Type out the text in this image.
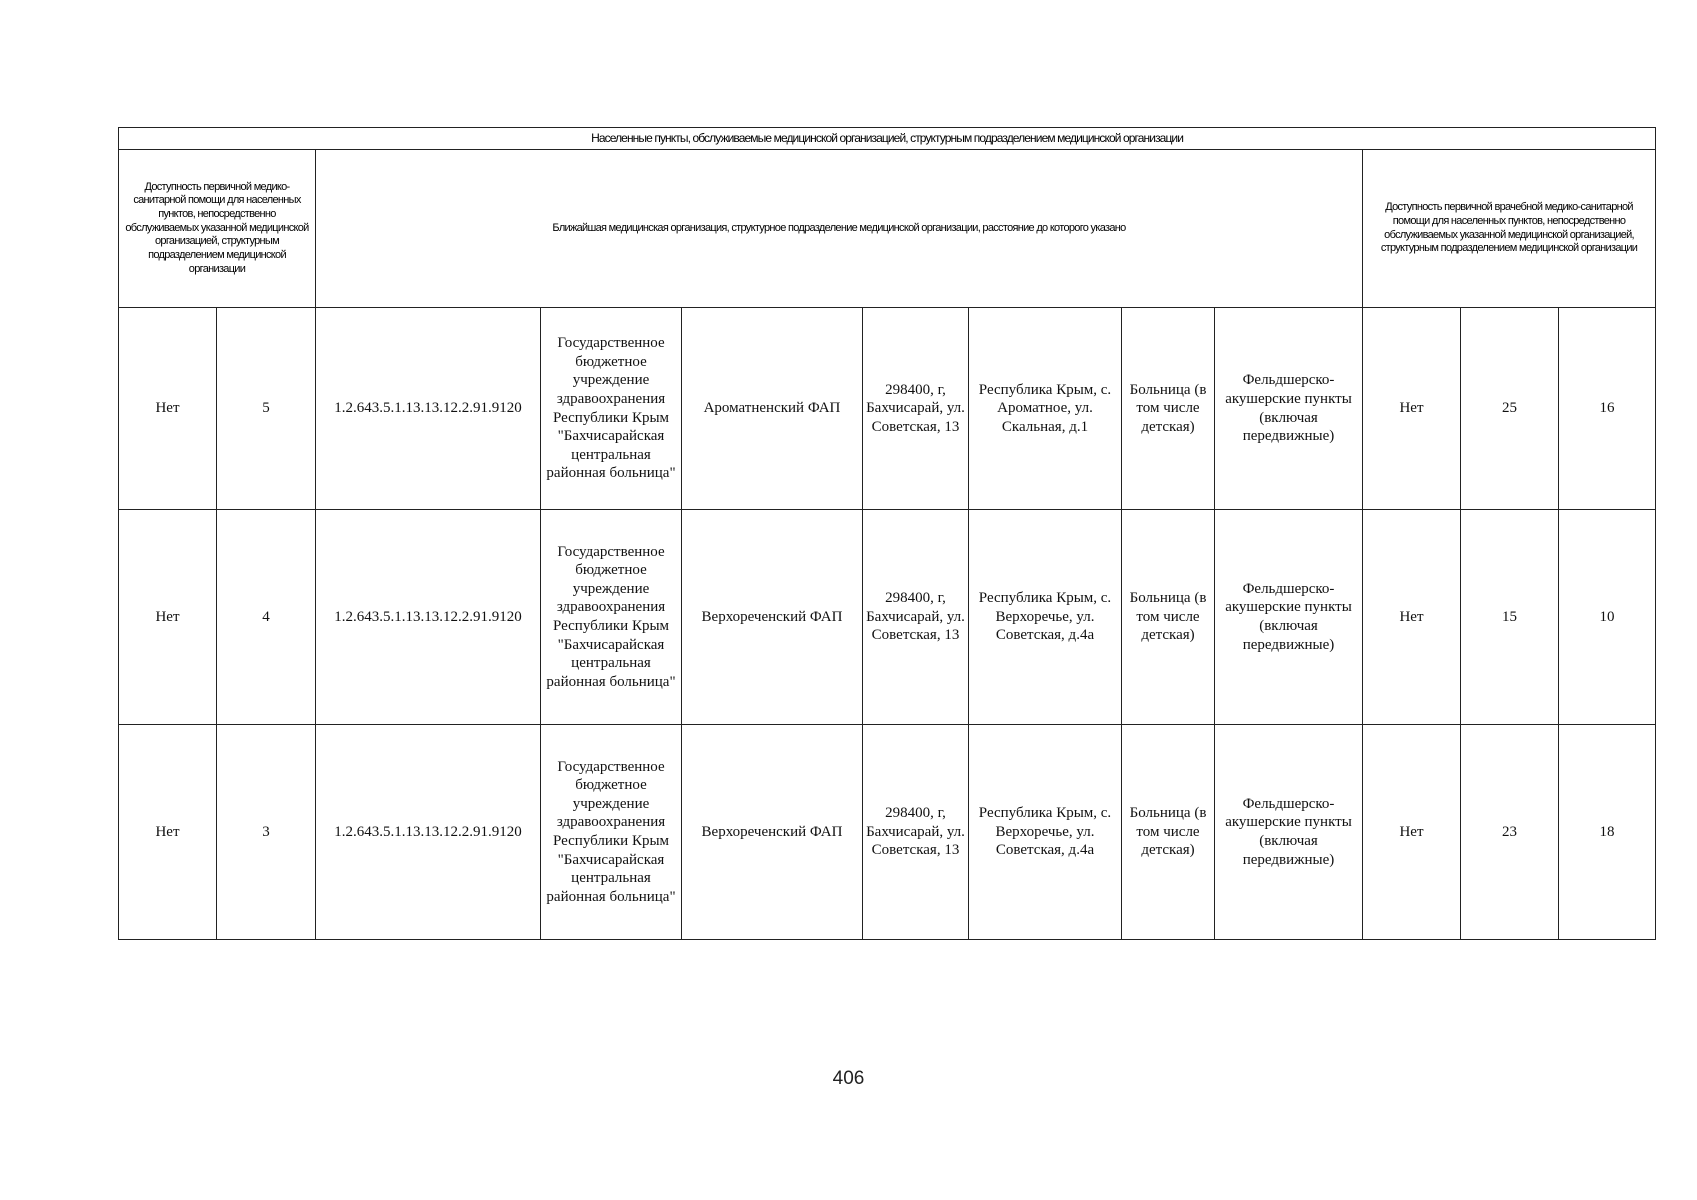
Населенные пункты, обслуживаемые медицинской организацией, структурным подразделением медицинской организации											
Доступность первичной медико-санитарной помощи для населенных пунктов, непосредственно обслуживаемых указанной медицинской организацией, структурным подразделением медицинской организации		Ближайшая медицинская организация, структурное подразделение медицинской организации, расстояние до которого указано							Доступность первичной врачебной медико-санитарной помощи для населенных пунктов, непосредственно обслуживаемых указанной медицинской организацией, структурным подразделением медицинской организации		
Нет	5	1.2.643.5.1.13.13.12.2.91.9120	Государственное бюджетное учреждение здравоохранения Республики Крым "Бахчисарайская центральная районная больница"	Ароматненский ФАП	298400, г, Бахчисарай, ул. Советская, 13	Республика Крым, с. Ароматное, ул. Скальная, д.1	Больница (в том числе детская)	Фельдшерско-акушерские пункты (включая передвижные)	Нет	25	16
Нет	4	1.2.643.5.1.13.13.12.2.91.9120	Государственное бюджетное учреждение здравоохранения Республики Крым "Бахчисарайская центральная районная больница"	Верхореченский ФАП	298400, г, Бахчисарай, ул. Советская, 13	Республика Крым, с. Верхоречье, ул. Советская, д.4а	Больница (в том числе детская)	Фельдшерско-акушерские пункты (включая передвижные)	Нет	15	10
Нет	3	1.2.643.5.1.13.13.12.2.91.9120	Государственное бюджетное учреждение здравоохранения Республики Крым "Бахчисарайская центральная районная больница"	Верхореченский ФАП	298400, г, Бахчисарай, ул. Советская, 13	Республика Крым, с. Верхоречье, ул. Советская, д.4а	Больница (в том числе детская)	Фельдшерско-акушерские пункты (включая передвижные)	Нет	23	18
406
